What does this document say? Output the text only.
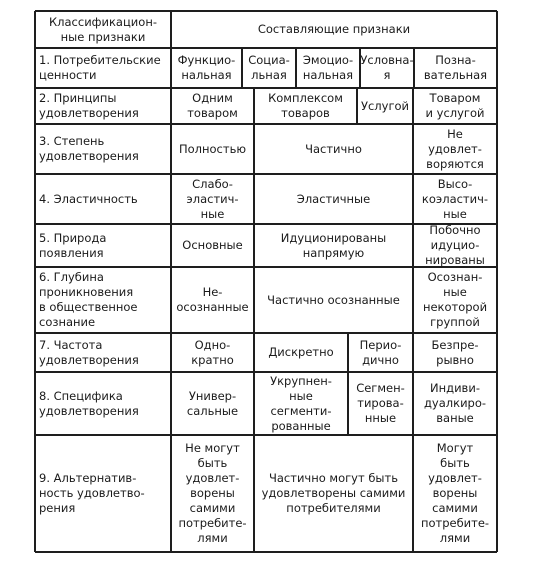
Классификацион-
ные признаки
Составляющие признаки
1. Потребительские
ценности
Функцио-
нальная
Социа-
льная
Эмоцио-
нальная
Условна-
я
Позна-
вательная
2. Принципы
удовлетворения
Одним
товаром
Комплексом
товаров
Услугой
Товаром
и услугой
3. Степень
удовлетворения
Полностью	Частично
Не
удовлет-
воряются
4. Эластичность
Слабо-
эластич-
ные
Эластичные
Высо-
коэластич-
ные
5. Природа
появления
Основные
Идуционированы
напрямую
Побочно
идуцио-
нированы
6. Глубина
проникновения
в общественное
сознание
Не-
осознанные
Частично осознанные
Осознан-
ные
некоторой
группой
7. Частота
удовлетворения
Одно-
кратно
Дискретно
Перио-
дично
Безпре-
рывно
8. Специфика
удовлетворения
Универ-
сальные
Укрупнен-
ные
сегменти-
рованные
Сегмен-
тирова-
нные
Индиви-
дуалкиро-
ваные
9. Альтернатив-
ность удовлетво-
рения
Не могут
быть
удовлет-
ворены
самими
потребите-
лями
Частично могут быть
удовлетворены самими
потребителями
Могут
быть
удовлет-
ворены
самими
потребите-
лями
